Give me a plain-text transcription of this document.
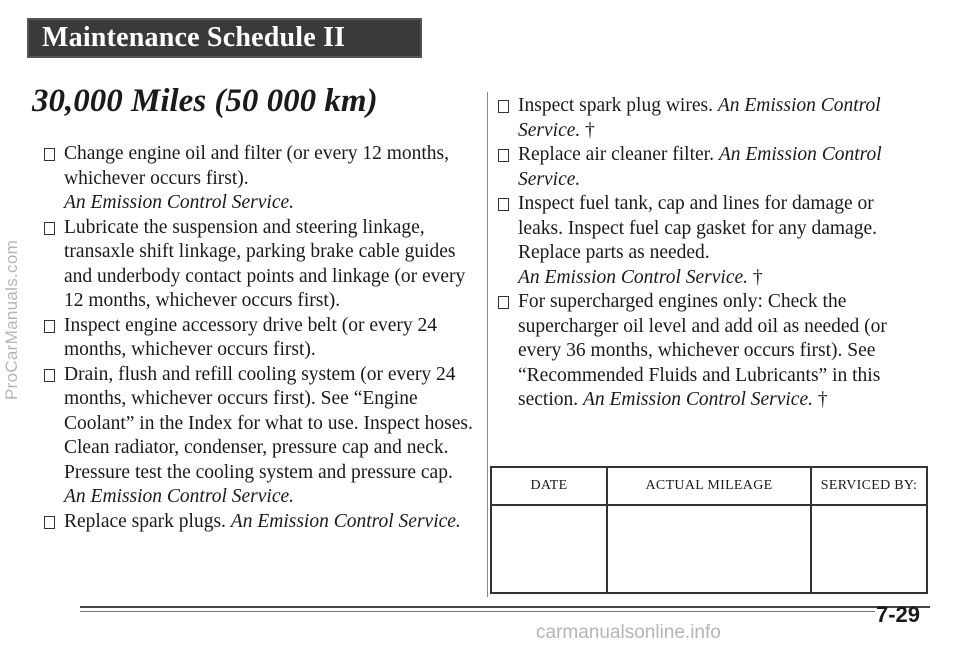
ProCarManuals.com
carmanualsonline.info
Maintenance Schedule II
30,000 Miles (50 000 km)
Change engine oil and filter (or every 12 months, whichever occurs first).
An Emission Control Service.
Lubricate the suspension and steering linkage, transaxle shift linkage, parking brake cable guides and underbody contact points and linkage (or every 12 months, whichever occurs first).
Inspect engine accessory drive belt (or every 24 months, whichever occurs first).
Drain, flush and refill cooling system (or every 24 months, whichever occurs first). See “Engine Coolant” in the Index for what to use. Inspect hoses. Clean radiator, condenser, pressure cap and neck. Pressure test the cooling system and pressure cap.
An Emission Control Service.
Replace spark plugs. An Emission Control Service.
Inspect spark plug wires. An Emission Control Service. †
Replace air cleaner filter. An Emission Control Service.
Inspect fuel tank, cap and lines for damage or leaks. Inspect fuel cap gasket for any damage. Replace parts as needed.
An Emission Control Service. †
For supercharged engines only: Check the supercharger oil level and add oil as needed (or every 36 months, whichever occurs first). See “Recommended Fluids and Lubricants” in this section. An Emission Control Service. †
DATE	ACTUAL MILEAGE	SERVICED BY:

7-29
